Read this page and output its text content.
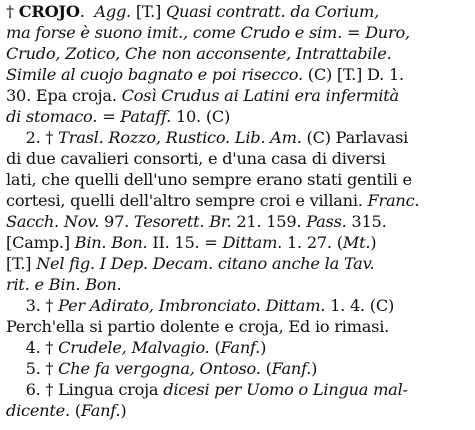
† CROJO.  Agg. [T.] Quasi contratt. da Corium,
ma forse è suono imit., come Crudo e sim. = Duro,
Crudo, Zotico, Che non acconsente, Intrattabile.
Simile al cuojo bagnato e poi risecco. (C) [T.] D. 1.
30. Epa croja. Così Crudus ai Latini era infermità
di stomaco. = Pataff. 10. (C)
2. † Trasl. Rozzo, Rustico. Lib. Am. (C) Parlavasi
di due cavalieri consorti, e d'una casa di diversi
lati, che quelli dell'uno sempre erano stati gentili e
cortesi, quelli dell'altro sempre croi e villani. Franc.
Sacch. Nov. 97. Tesorett. Br. 21. 159. Pass. 315.
[Camp.] Bin. Bon. II. 15. = Dittam. 1. 27. (Mt.)
[T.] Nel fig. I Dep. Decam. citano anche la Tav.
rit. e Bin. Bon.
3. † Per Adirato, Imbronciato. Dittam. 1. 4. (C)
Perch'ella si partio dolente e croja, Ed io rimasi.
4. † Crudele, Malvagio. (Fanf.)
5. † Che fa vergogna, Ontoso. (Fanf.)
6. † Lingua croja dicesi per Uomo o Lingua mal-
dicente. (Fanf.)
